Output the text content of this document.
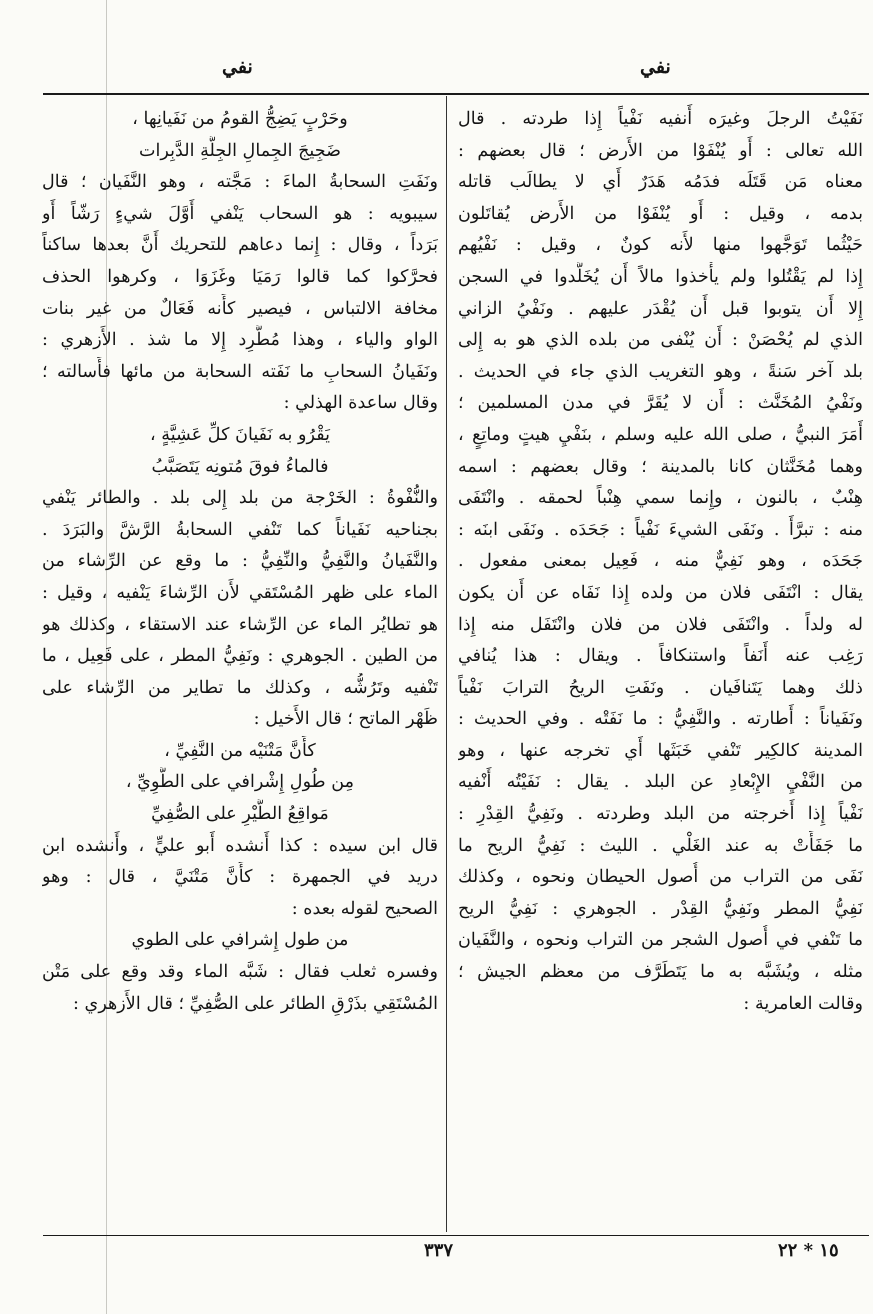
نفي
نفي
نَفَيْتُ الرجلَ وغيرَه أَنفيه نَفْياً إِذا طردته . قال
الله تعالى : أَو يُنْفَوْا من الأَرض ؛ قال بعضهم :
معناه مَن قَتَلَه فدَمُه هَدَرٌ أَي لا يطالَب قاتله
بدمه ، وقيل : أَو يُنْفَوْا من الأَرض يُقاتَلون
حَيْثُما تَوَجَّهوا منها لأَنه كونٌ ، وقيل : نَفْيُهم
إِذا لم يَقْتُلوا ولم يأْخذوا مالاً أَن يُخَلَّدوا في السجن
إِلا أَن يتوبوا قبل أَن يُقْدَر عليهم . ونَفْيُ الزاني
الذي لم يُحْصَنْ : أَن يُنْفى من بلده الذي هو به إِلى
بلد آخر سَنةً ، وهو التغريب الذي جاء في الحديث .
ونَفْيُ المُخَنَّث : أَن لا يُقَرَّ في مدن المسلمين ؛
أَمَرَ النبيُّ ، صلى الله عليه وسلم ، بنَفْيِ هيتٍ وماتِعٍ ،
وهما مُخَنَّثان كانا بالمدينة ؛ وقال بعضهم : اسمه
هِنْبٌ ، بالنون ، وإِنما سمي هِنْباً لحمقه . وانْتَفَى
منه : تبرَّأَ . ونَفَى الشيءَ نَفْياً : جَحَدَه . ونَفَى ابنَه :
جَحَدَه ، وهو نَفِيٌّ منه ، فَعِيل بمعنى مفعول .
يقال : انْتَفَى فلان من ولده إِذا نَفَاه عن أَن يكون
له ولداً . وانْتَفَى فلان من فلان وانْتَفَل منه إِذا
رَغِب عنه أَنَفاً واستنكافاً . ويقال : هذا يُنافي
ذلك وهما يَتَنافَيان . ونَفَتِ الريحُ الترابَ نَفْياً
ونَفَياناً : أَطارته . والنَّفِيُّ : ما نَفَتْه . وفي الحديث :
المدينة كالكِير تَنْفي خَبَثَها أَي تخرجه عنها ، وهو
من النَّفْيِ الإِبْعادِ عن البلد . يقال : نَفَيْتُه أَنْفيه
نَفْياً إِذا أَخرجته من البلد وطردته . ونَفِيُّ القِدْرِ :
ما جَفَأَتْ به عند الغَلْي . الليث : نَفِيُّ الريح ما
نَفَى من التراب من أُصول الحيطان ونحوه ، وكذلك
نَفِيُّ المطر ونَفِيُّ القِدْر . الجوهري : نَفِيُّ الريح
ما تَنْفي في أُصول الشجر من التراب ونحوه ، والنَّفَيان
مثله ، ويُشَبَّه به ما يَتَطَرَّف من معظم الجيش ؛
وقالت العامرية :
وحَرْبٍ يَضِجُّ القومُ من نَفَيانِها ،
ضَجِيجَ الجِمالِ الجِلَّةِ الدَّبِرات
ونَفَتِ السحابةُ الماءَ : مَجَّته ، وهو النَّفَيان ؛ قال
سيبويه : هو السحاب يَنْفي أَوَّلَ شيءٍ رَشّاً أَو
بَرَداً ، وقال : إِنما دعاهم للتحريك أَنَّ بعدها ساكناً
فحرَّكوا كما قالوا رَمَيَا وغَزَوَا ، وكرهوا الحذف
مخافة الالتباس ، فيصير كأَنه فَعَالٌ من غير بنات
الواو والياء ، وهذا مُطَّرِد إِلا ما شذ . الأَزهري :
ونَفَيانُ السحابِ ما نَفَته السحابة من مائها فأَسالته ؛
وقال ساعدة الهذلي :
يَقْرُو به نَفَيانَ كلِّ عَشِيَّةٍ ،
فالماءُ فوقَ مُتونِه يَتَصَبَّبُ
والنُّفْوةُ : الخَرْجة من بلد إِلى بلد . والطائر يَنْفي
بجناحيه نَفَياناً كما تَنْفي السحابةُ الرَّشَّ والبَرَدَ .
والنَّفَيانُ والنَّفِيُّ والنِّفِيُّ : ما وقع عن الرِّشاء من
الماء على ظهر المُسْتَقي لأَن الرِّشاءَ يَنْفيه ، وقيل :
هو تطايُر الماء عن الرِّشاء عند الاستقاء ، وكذلك هو
من الطين . الجوهري : ونَفِيُّ المطر ، على فَعِيل ، ما
تَنْفيه وتَرُشُّه ، وكذلك ما تطاير من الرِّشاء على
ظَهْر الماتح ؛ قال الأَخيل :
كأَنَّ مَتْنَيْه من النَّفِيِّ ،
مِن طُولِ إِشْرافي على الطَّوِيِّ ،
مَواقِعُ الطَّيْرِ على الصُّفِيِّ
قال ابن سيده : كذا أَنشده أَبو عليٍّ ، وأَنشده ابن
دريد في الجمهرة : كأَنَّ مَتْنَيَّ ، قال : وهو
الصحيح لقوله بعده :
من طول إِشرافي على الطوي
وفسره ثعلب فقال : شَبَّه الماء وقد وقع على مَتْن
المُسْتَقِي بذَرْقِ الطائر على الصُّفِيِّ ؛ قال الأَزهري :
٣٣٧	١٥ * ٢٢
